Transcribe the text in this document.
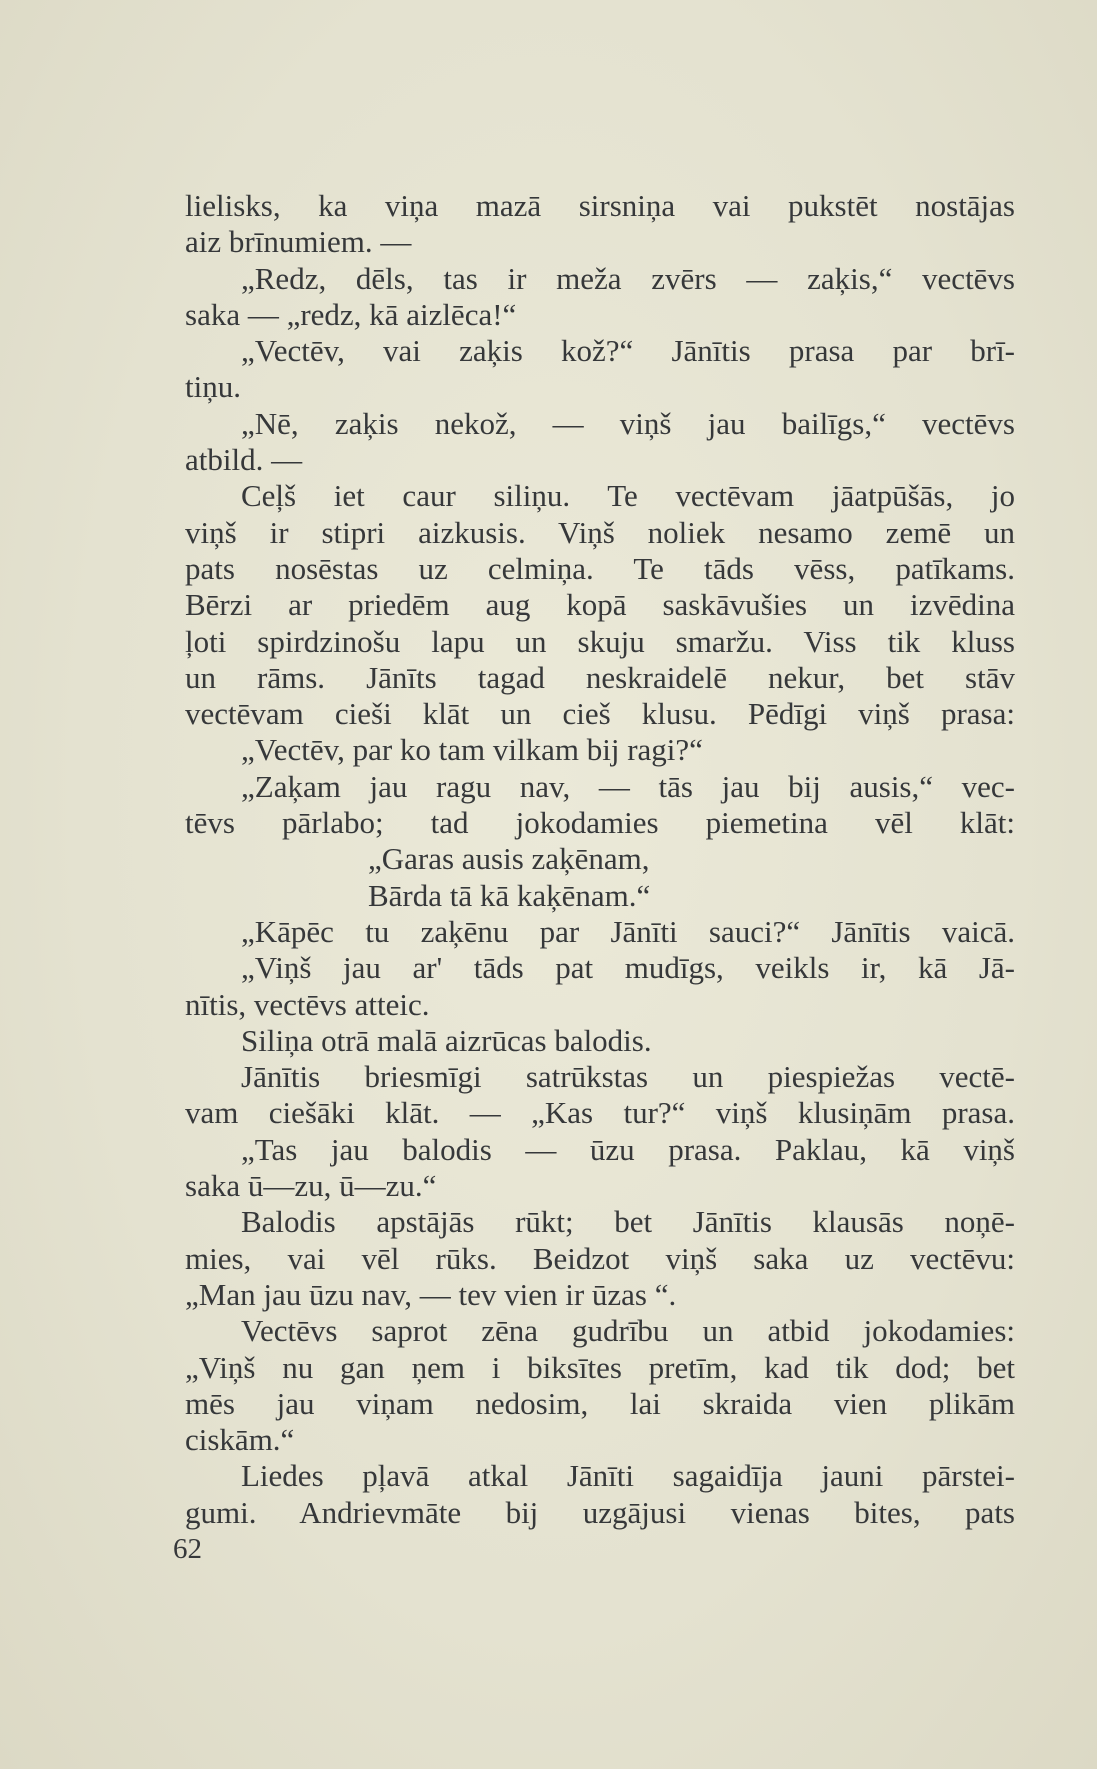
lielisks, ka viņa mazā sirsniņa vai pukstēt nostājas
aiz brīnumiem. —
„Redz, dēls, tas ir meža zvērs — zaķis,“ vectēvs
saka — „redz, kā aizlēca!“
„Vectēv, vai zaķis kož?“ Jānītis prasa par brī-
tiņu.
„Nē, zaķis nekož, — viņš jau bailīgs,“ vectēvs
atbild. —
Ceļš iet caur siliņu. Te vectēvam jāatpūšās, jo
viņš ir stipri aizkusis. Viņš noliek nesamo zemē un
pats nosēstas uz celmiņa. Te tāds vēss, patīkams.
Bērzi ar priedēm aug kopā saskāvušies un izvēdina
ļoti spirdzinošu lapu un skuju smaržu. Viss tik kluss
un rāms. Jānīts tagad neskraidelē nekur, bet stāv
vectēvam cieši klāt un cieš klusu. Pēdīgi viņš prasa:
„Vectēv, par ko tam vilkam bij ragi?“
„Zaķam jau ragu nav, — tās jau bij ausis,“ vec-
tēvs pārlabo; tad jokodamies piemetina vēl klāt:
„Garas ausis zaķēnam,
Bārda tā kā kaķēnam.“
„Kāpēc tu zaķēnu par Jānīti sauci?“ Jānītis vaicā.
„Viņš jau ar' tāds pat mudīgs, veikls ir, kā Jā-
nītis, vectēvs atteic.
Siliņa otrā malā aizrūcas balodis.
Jānītis briesmīgi satrūkstas un piespiežas vectē-
vam ciešāki klāt. — „Kas tur?“ viņš klusiņām prasa.
„Tas jau balodis — ūzu prasa. Paklau, kā viņš
saka ū—zu, ū—zu.“
Balodis apstājās rūkt; bet Jānītis klausās noņē-
mies, vai vēl rūks. Beidzot viņš saka uz vectēvu:
„Man jau ūzu nav, — tev vien ir ūzas “.
Vectēvs saprot zēna gudrību un atbid jokodamies:
„Viņš nu gan ņem i biksītes pretīm, kad tik dod; bet
mēs jau viņam nedosim, lai skraida vien plikām
ciskām.“
Liedes pļavā atkal Jānīti sagaidīja jauni pārstei-
gumi. Andrievmāte bij uzgājusi vienas bites, pats
62
